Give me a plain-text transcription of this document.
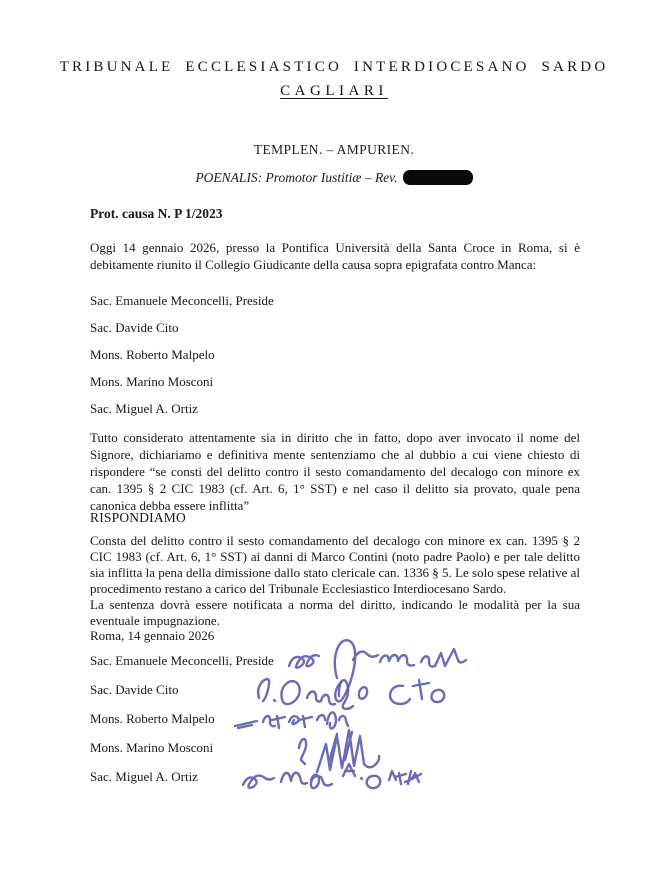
TRIBUNALE ECCLESIASTICO INTERDIOCESANO SARDO
CAGLIARI
TEMPLEN. – AMPURIEN.
POENALIS: Promotor Iustitiæ – Rev.
Prot. causa N. P 1/2023
Oggi 14 gennaio 2026, presso la Pontifica Università della Santa Croce in Roma, si è debitamente riunito il Collegio Giudicante della causa sopra epigrafata contro Manca:
Sac. Emanuele Meconcelli, Preside
Sac. Davide Cito
Mons. Roberto Malpelo
Mons. Marino Mosconi
Sac. Miguel A. Ortiz
Tutto considerato attentamente sia in diritto che in fatto, dopo aver invocato il nome del Signore, dichiariamo e definitiva mente sentenziamo che al dubbio a cui viene chiesto di rispondere “se consti del delitto contro il sesto comandamento del decalogo con minore ex can. 1395 § 2 CIC 1983 (cf. Art. 6, 1° SST) e nel caso il delitto sia provato, quale pena canonica debba essere inflitta”
RISPONDIAMO
Consta del delitto contro il sesto comandamento del decalogo con minore ex can. 1395 § 2 CIC 1983 (cf. Art. 6, 1° SST) ai danni di Marco Contini (noto padre Paolo) e per tale delitto sia inflitta la pena della dimissione dallo stato clericale can. 1336 § 5. Le solo spese relative al procedimento restano a carico del Tribunale Ecclesiastico Interdiocesano Sardo.
La sentenza dovrà essere notificata a norma del diritto, indicando le modalità per la sua eventuale impugnazione.
Roma, 14 gennaio 2026
Sac. Emanuele Meconcelli, Preside
Sac. Davide Cito
Mons. Roberto Malpelo
Mons. Marino Mosconi
Sac. Miguel A. Ortiz
